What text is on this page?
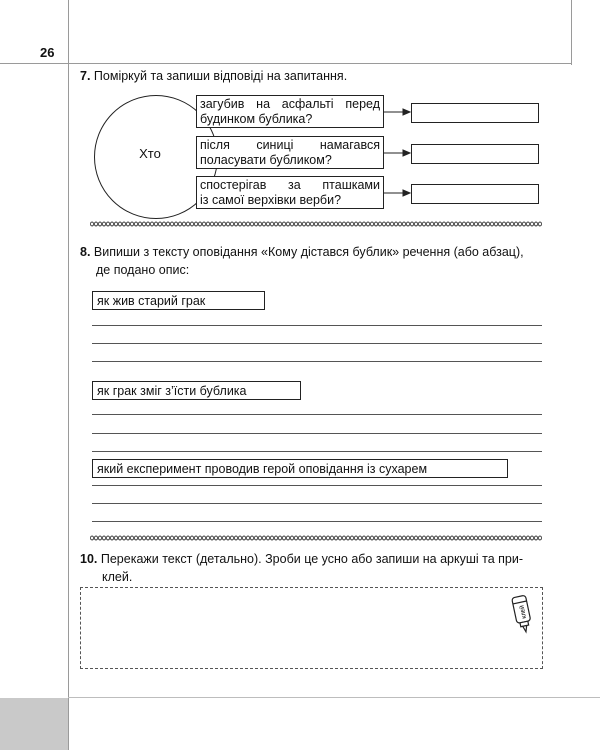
26
7. Поміркуй та запиши відповіді на запитання.
Хто
загубив на асфальті перед
будинком бублика?
після синиці намагався
поласувати бубликом?
спостерігав за пташками
із самої верхівки верби?
8. Випиши з тексту оповідання «Кому дістався бублик» речення (або абзац),
де подано опис:
як жив старий грак
як грак зміг з’їсти бублика
який експеримент проводив герой оповідання із сухарем
10. Перекажи текст (детально). Зроби це усно або запиши на аркуші та при-
клей.
КЛЕЙ
